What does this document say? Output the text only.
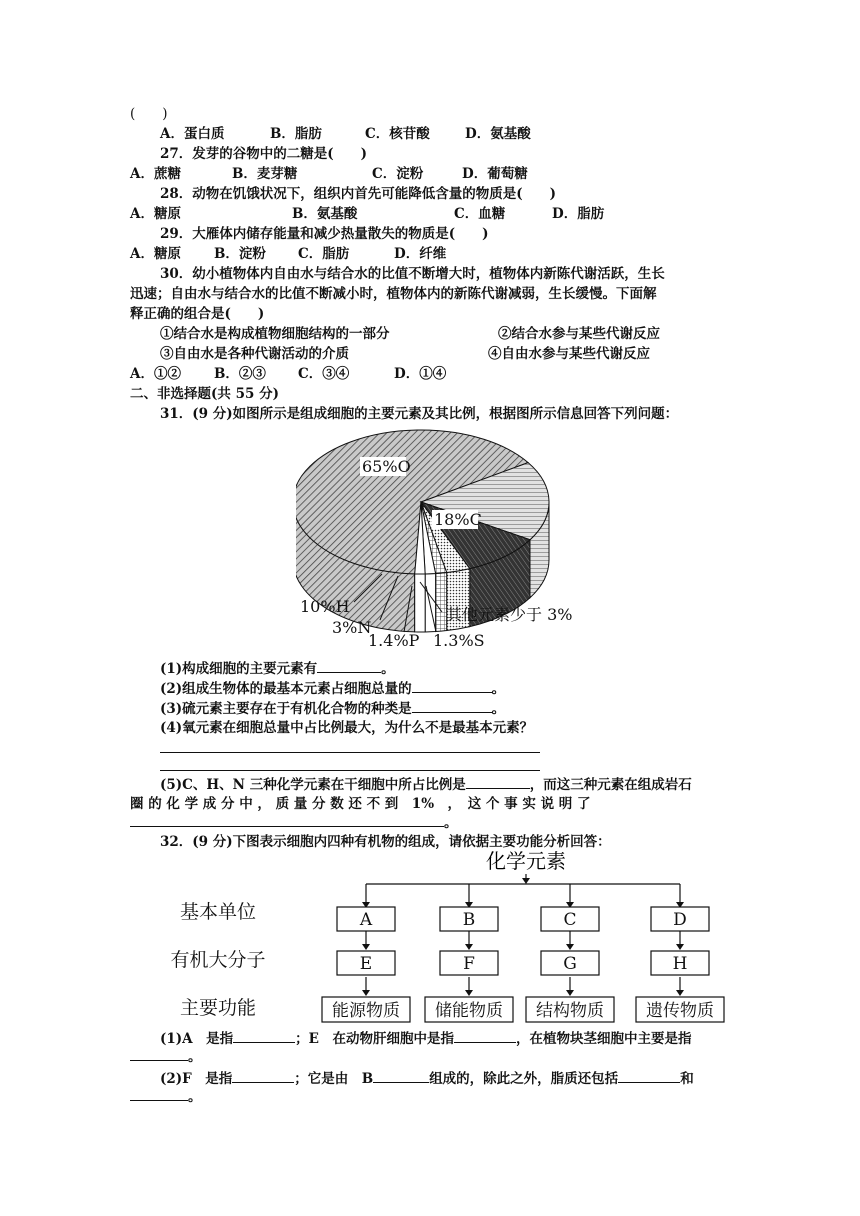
(　　)
A．蛋白质	B．脂肪	C．核苷酸	D．氨基酸
27．发芽的谷物中的二糖是(　　)
A．蔗糖	B．麦芽糖	C．淀粉	D．葡萄糖
28．动物在饥饿状况下，组织内首先可能降低含量的物质是(　　)
A．糖原	B．氨基酸	C．血糖	D．脂肪
29．大雁体内储存能量和减少热量散失的物质是(　　)
A．糖原 B．淀粉 C．脂肪	D．纤维
30．幼小植物体内自由水与结合水的比值不断增大时，植物体内新陈代谢活跃，生长
迅速；自由水与结合水的比值不断减小时，植物体内的新陈代谢减弱，生长缓慢。下面解
释正确的组合是(　　)
①结合水是构成植物细胞结构的一部分	②结合水参与某些代谢反应
③自由水是各种代谢活动的介质	④自由水参与某些代谢反应
A．①② B．②③ C．③④	D．①④
二、非选择题(共 55 分)
31．(9 分)如图所示是组成细胞的主要元素及其比例，根据图所示信息回答下列问题：
65%O
18%C
10%H
3%N
1.4%P 1.3%S
其他元素少于 3%
(1)构成细胞的主要元素有	。
(2)组成生物体的最基本元素占细胞总量的	。
(3)硫元素主要存在于有机化合物的种类是	。
(4)氧元素在细胞总量中占比例最大，为什么不是最基本元素？
(5)C、H、N 三种化学元素在干细胞中所占比例是	，而这三种元素在组成岩石
圈 的 化 学 成 分 中 ， 质 量 分 数 还 不 到　1%　，　这 个 事 实 说 明 了
。
32．(9 分)下图表示细胞内四种有机物的组成，请依据主要功能分析回答：
化学元素
基本单位
有机大分子
主要功能
A
E
能源物质
B
F
储能物质
C
G
结构物质
D
H
遗传物质
(1)A　是指	；E　在动物肝细胞中是指	，在植物块茎细胞中主要是指
。
(2)F　是指	；它是由　B	组成的，除此之外，脂质还包括	和
。
